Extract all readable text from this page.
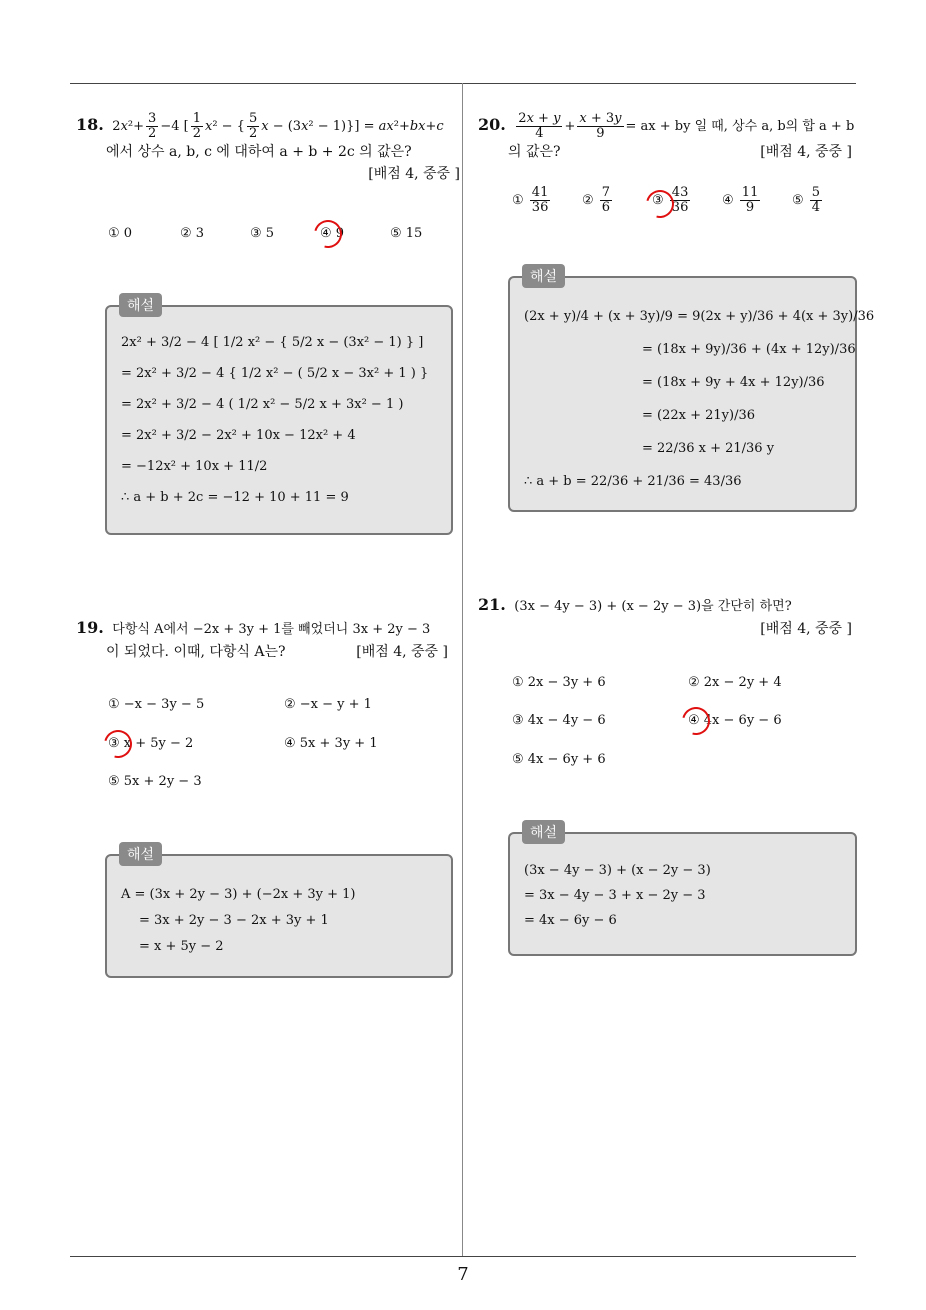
7
18. $2x^2+ \frac{3}{2} -4$ [ $\frac{1}{2} x^2$ − { $\frac{5}{2}$ x − (3x² − 1)}] = ax²+bx+c
에서 상수 a, b, c 에 대하여 a + b + 2c 의 값은?
[배점 4, 중중 ]
① 0	② 3	③ 5	④ 9	⑤ 15
해설
2x² + 3/2 − 4 [ 1/2 x² − { 5/2 x − (3x² − 1) } ]
= 2x² + 3/2 − 4 { 1/2 x² − ( 5/2 x − 3x² + 1 ) }
= 2x² + 3/2 − 4 ( 1/2 x² − 5/2 x + 3x² − 1 )
= 2x² + 3/2 − 2x² + 10x − 12x² + 4
= −12x² + 10x + 11/2
∴ a + b + 2c = −12 + 10 + 11 = 9
19. 다항식 A에서 −2x + 3y + 1를 빼었더니 3x + 2y − 3
이 되었다. 이때, 다항식 A는?	[배점 4, 중중 ]
① −x − 3y − 5	② −x − y + 1
③ x + 5y − 2	④ 5x + 3y + 1
⑤ 5x + 2y − 3
해설
A = (3x + 2y − 3) + (−2x + 3y + 1)
= 3x + 2y − 3 − 2x + 3y + 1
= x + 5y − 2
20. $\frac{2x + y}{4} + \frac{x + 3y}{9}$ = ax + by 일 때, 상수 a, b의 합 a + b
의 값은?	[배점 4, 중중 ]
① $\frac{41}{36}$ ② $\frac{7}{6}$	③ $\frac{43}{36}$ ④ $\frac{11}{9}$ ⑤ $\frac{5}{4}$
해설
(2x + y)/4 + (x + 3y)/9 = 9(2x + y)/36 + 4(x + 3y)/36
= (18x + 9y)/36 + (4x + 12y)/36
= (18x + 9y + 4x + 12y)/36
= (22x + 21y)/36
= 22/36 x + 21/36 y
∴ a + b = 22/36 + 21/36 = 43/36
21. (3x − 4y − 3) + (x − 2y − 3)을 간단히 하면?
[배점 4, 중중 ]
① 2x − 3y + 6	② 2x − 2y + 4
③ 4x − 4y − 6	④ 4x − 6y − 6
⑤ 4x − 6y + 6
해설
(3x − 4y − 3) + (x − 2y − 3)
= 3x − 4y − 3 + x − 2y − 3
= 4x − 6y − 6
